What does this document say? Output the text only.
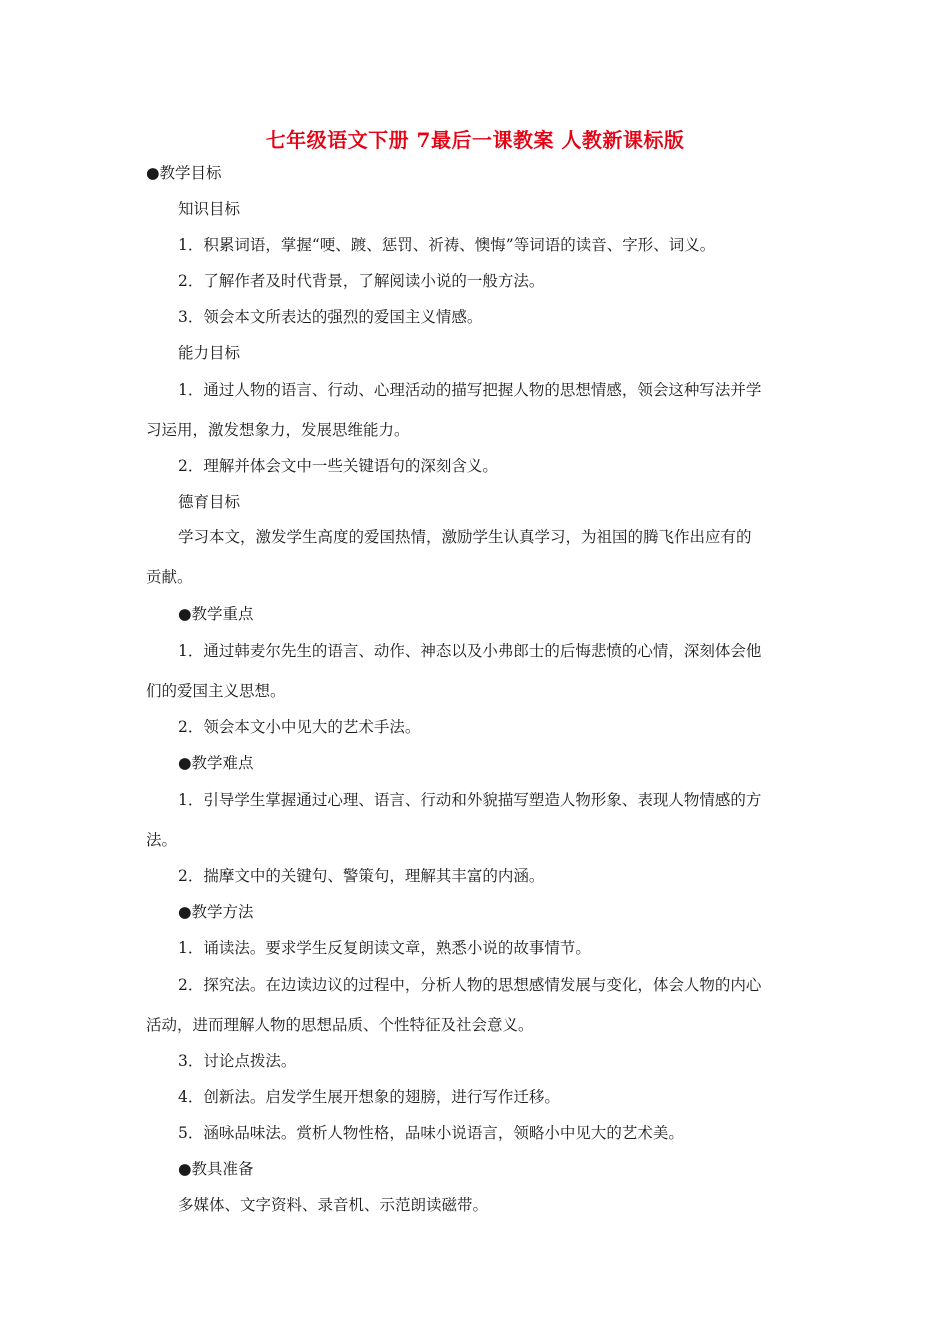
七年级语文下册 7最后一课教案 人教新课标版
●教学目标
知识目标
1．积累词语，掌握“哽、踱、惩罚、祈祷、懊悔”等词语的读音、字形、词义。
2．了解作者及时代背景，了解阅读小说的一般方法。
3．领会本文所表达的强烈的爱国主义情感。
能力目标
1．通过人物的语言、行动、心理活动的描写把握人物的思想情感，领会这种写法并学
习运用，激发想象力，发展思维能力。
2．理解并体会文中一些关键语句的深刻含义。
德育目标
学习本文，激发学生高度的爱国热情，激励学生认真学习，为祖国的腾飞作出应有的
贡献。
●教学重点
1．通过韩麦尔先生的语言、动作、神态以及小弗郎士的后悔悲愤的心情，深刻体会他
们的爱国主义思想。
2．领会本文小中见大的艺术手法。
●教学难点
1．引导学生掌握通过心理、语言、行动和外貌描写塑造人物形象、表现人物情感的方
法。
2．揣摩文中的关键句、警策句，理解其丰富的内涵。
●教学方法
1．诵读法。要求学生反复朗读文章，熟悉小说的故事情节。
2．探究法。在边读边议的过程中，分析人物的思想感情发展与变化，体会人物的内心
活动，进而理解人物的思想品质、个性特征及社会意义。
3．讨论点拨法。
4．创新法。启发学生展开想象的翅膀，进行写作迁移。
5．涵咏品味法。赏析人物性格，品味小说语言，领略小中见大的艺术美。
●教具准备
多媒体、文字资料、录音机、示范朗读磁带。
